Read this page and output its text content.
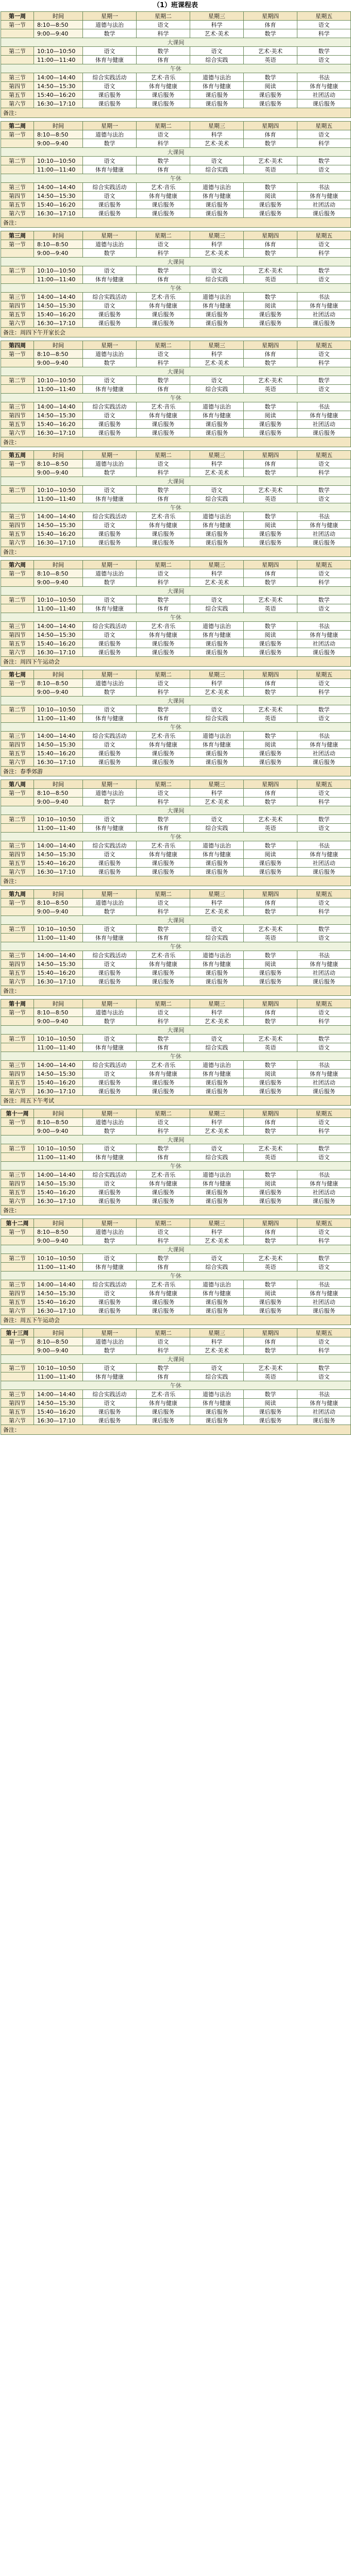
（1）班课程表
第一周	时间	星期一	星期二	星期三	星期四	星期五
第一节	8:10—8:50	道德与法治	语文	科学	体育	语文
	9:00—9:40	数学	科学	艺术·美术	数学	科学
大课间						
第二节	10:10—10:50	语文	数学	语文	艺术·美术	数学
	11:00—11:40	体育与健康	体育	综合实践	英语	语文
午休						
第三节	14:00—14:40	综合实践活动	艺术·音乐	道德与法治	数学	书法
第四节	14:50—15:30	语文	体育与健康	体育与健康	阅读	体育与健康
第五节	15:40—16:20	课后服务	课后服务	课后服务	课后服务	社团活动
第六节	16:30—17:10	课后服务	课后服务	课后服务	课后服务	课后服务
备注：						
第二周	时间	星期一	星期二	星期三	星期四	星期五
第一节	8:10—8:50	道德与法治	语文	科学	体育	语文
	9:00—9:40	数学	科学	艺术·美术	数学	科学
大课间						
第二节	10:10—10:50	语文	数学	语文	艺术·美术	数学
	11:00—11:40	体育与健康	体育	综合实践	英语	语文
午休						
第三节	14:00—14:40	综合实践活动	艺术·音乐	道德与法治	数学	书法
第四节	14:50—15:30	语文	体育与健康	体育与健康	阅读	体育与健康
第五节	15:40—16:20	课后服务	课后服务	课后服务	课后服务	社团活动
第六节	16:30—17:10	课后服务	课后服务	课后服务	课后服务	课后服务
备注：						
第三周	时间	星期一	星期二	星期三	星期四	星期五
第一节	8:10—8:50	道德与法治	语文	科学	体育	语文
	9:00—9:40	数学	科学	艺术·美术	数学	科学
大课间						
第二节	10:10—10:50	语文	数学	语文	艺术·美术	数学
	11:00—11:40	体育与健康	体育	综合实践	英语	语文
午休						
第三节	14:00—14:40	综合实践活动	艺术·音乐	道德与法治	数学	书法
第四节	14:50—15:30	语文	体育与健康	体育与健康	阅读	体育与健康
第五节	15:40—16:20	课后服务	课后服务	课后服务	课后服务	社团活动
第六节	16:30—17:10	课后服务	课后服务	课后服务	课后服务	课后服务
备注：周四下午开家长会						
第四周	时间	星期一	星期二	星期三	星期四	星期五
第一节	8:10—8:50	道德与法治	语文	科学	体育	语文
	9:00—9:40	数学	科学	艺术·美术	数学	科学
大课间						
第二节	10:10—10:50	语文	数学	语文	艺术·美术	数学
	11:00—11:40	体育与健康	体育	综合实践	英语	语文
午休						
第三节	14:00—14:40	综合实践活动	艺术·音乐	道德与法治	数学	书法
第四节	14:50—15:30	语文	体育与健康	体育与健康	阅读	体育与健康
第五节	15:40—16:20	课后服务	课后服务	课后服务	课后服务	社团活动
第六节	16:30—17:10	课后服务	课后服务	课后服务	课后服务	课后服务
备注：						
第五周	时间	星期一	星期二	星期三	星期四	星期五
第一节	8:10—8:50	道德与法治	语文	科学	体育	语文
	9:00—9:40	数学	科学	艺术·美术	数学	科学
大课间						
第二节	10:10—10:50	语文	数学	语文	艺术·美术	数学
	11:00—11:40	体育与健康	体育	综合实践	英语	语文
午休						
第三节	14:00—14:40	综合实践活动	艺术·音乐	道德与法治	数学	书法
第四节	14:50—15:30	语文	体育与健康	体育与健康	阅读	体育与健康
第五节	15:40—16:20	课后服务	课后服务	课后服务	课后服务	社团活动
第六节	16:30—17:10	课后服务	课后服务	课后服务	课后服务	课后服务
备注：						
第六周	时间	星期一	星期二	星期三	星期四	星期五
第一节	8:10—8:50	道德与法治	语文	科学	体育	语文
	9:00—9:40	数学	科学	艺术·美术	数学	科学
大课间						
第二节	10:10—10:50	语文	数学	语文	艺术·美术	数学
	11:00—11:40	体育与健康	体育	综合实践	英语	语文
午休						
第三节	14:00—14:40	综合实践活动	艺术·音乐	道德与法治	数学	书法
第四节	14:50—15:30	语文	体育与健康	体育与健康	阅读	体育与健康
第五节	15:40—16:20	课后服务	课后服务	课后服务	课后服务	社团活动
第六节	16:30—17:10	课后服务	课后服务	课后服务	课后服务	课后服务
备注：周四下午运动会						
第七周	时间	星期一	星期二	星期三	星期四	星期五
第一节	8:10—8:50	道德与法治	语文	科学	体育	语文
	9:00—9:40	数学	科学	艺术·美术	数学	科学
大课间						
第二节	10:10—10:50	语文	数学	语文	艺术·美术	数学
	11:00—11:40	体育与健康	体育	综合实践	英语	语文
午休						
第三节	14:00—14:40	综合实践活动	艺术·音乐	道德与法治	数学	书法
第四节	14:50—15:30	语文	体育与健康	体育与健康	阅读	体育与健康
第五节	15:40—16:20	课后服务	课后服务	课后服务	课后服务	社团活动
第六节	16:30—17:10	课后服务	课后服务	课后服务	课后服务	课后服务
备注：春季郊游						
第八周	时间	星期一	星期二	星期三	星期四	星期五
第一节	8:10—8:50	道德与法治	语文	科学	体育	语文
	9:00—9:40	数学	科学	艺术·美术	数学	科学
大课间						
第二节	10:10—10:50	语文	数学	语文	艺术·美术	数学
	11:00—11:40	体育与健康	体育	综合实践	英语	语文
午休						
第三节	14:00—14:40	综合实践活动	艺术·音乐	道德与法治	数学	书法
第四节	14:50—15:30	语文	体育与健康	体育与健康	阅读	体育与健康
第五节	15:40—16:20	课后服务	课后服务	课后服务	课后服务	社团活动
第六节	16:30—17:10	课后服务	课后服务	课后服务	课后服务	课后服务
备注：						
第九周	时间	星期一	星期二	星期三	星期四	星期五
第一节	8:10—8:50	道德与法治	语文	科学	体育	语文
	9:00—9:40	数学	科学	艺术·美术	数学	科学
大课间						
第二节	10:10—10:50	语文	数学	语文	艺术·美术	数学
	11:00—11:40	体育与健康	体育	综合实践	英语	语文
午休						
第三节	14:00—14:40	综合实践活动	艺术·音乐	道德与法治	数学	书法
第四节	14:50—15:30	语文	体育与健康	体育与健康	阅读	体育与健康
第五节	15:40—16:20	课后服务	课后服务	课后服务	课后服务	社团活动
第六节	16:30—17:10	课后服务	课后服务	课后服务	课后服务	课后服务
备注：						
第十周	时间	星期一	星期二	星期三	星期四	星期五
第一节	8:10—8:50	道德与法治	语文	科学	体育	语文
	9:00—9:40	数学	科学	艺术·美术	数学	科学
大课间						
第二节	10:10—10:50	语文	数学	语文	艺术·美术	数学
	11:00—11:40	体育与健康	体育	综合实践	英语	语文
午休						
第三节	14:00—14:40	综合实践活动	艺术·音乐	道德与法治	数学	书法
第四节	14:50—15:30	语文	体育与健康	体育与健康	阅读	体育与健康
第五节	15:40—16:20	课后服务	课后服务	课后服务	课后服务	社团活动
第六节	16:30—17:10	课后服务	课后服务	课后服务	课后服务	课后服务
备注：周五下午考试						
第十一周	时间	星期一	星期二	星期三	星期四	星期五
第一节	8:10—8:50	道德与法治	语文	科学	体育	语文
	9:00—9:40	数学	科学	艺术·美术	数学	科学
大课间						
第二节	10:10—10:50	语文	数学	语文	艺术·美术	数学
	11:00—11:40	体育与健康	体育	综合实践	英语	语文
午休						
第三节	14:00—14:40	综合实践活动	艺术·音乐	道德与法治	数学	书法
第四节	14:50—15:30	语文	体育与健康	体育与健康	阅读	体育与健康
第五节	15:40—16:20	课后服务	课后服务	课后服务	课后服务	社团活动
第六节	16:30—17:10	课后服务	课后服务	课后服务	课后服务	课后服务
备注：						
第十二周	时间	星期一	星期二	星期三	星期四	星期五
第一节	8:10—8:50	道德与法治	语文	科学	体育	语文
	9:00—9:40	数学	科学	艺术·美术	数学	科学
大课间						
第二节	10:10—10:50	语文	数学	语文	艺术·美术	数学
	11:00—11:40	体育与健康	体育	综合实践	英语	语文
午休						
第三节	14:00—14:40	综合实践活动	艺术·音乐	道德与法治	数学	书法
第四节	14:50—15:30	语文	体育与健康	体育与健康	阅读	体育与健康
第五节	15:40—16:20	课后服务	课后服务	课后服务	课后服务	社团活动
第六节	16:30—17:10	课后服务	课后服务	课后服务	课后服务	课后服务
备注：周五下午运动会						
第十三周	时间	星期一	星期二	星期三	星期四	星期五
第一节	8:10—8:50	道德与法治	语文	科学	体育	语文
	9:00—9:40	数学	科学	艺术·美术	数学	科学
大课间						
第二节	10:10—10:50	语文	数学	语文	艺术·美术	数学
	11:00—11:40	体育与健康	体育	综合实践	英语	语文
午休						
第三节	14:00—14:40	综合实践活动	艺术·音乐	道德与法治	数学	书法
第四节	14:50—15:30	语文	体育与健康	体育与健康	阅读	体育与健康
第五节	15:40—16:20	课后服务	课后服务	课后服务	课后服务	社团活动
第六节	16:30—17:10	课后服务	课后服务	课后服务	课后服务	课后服务
备注：						
